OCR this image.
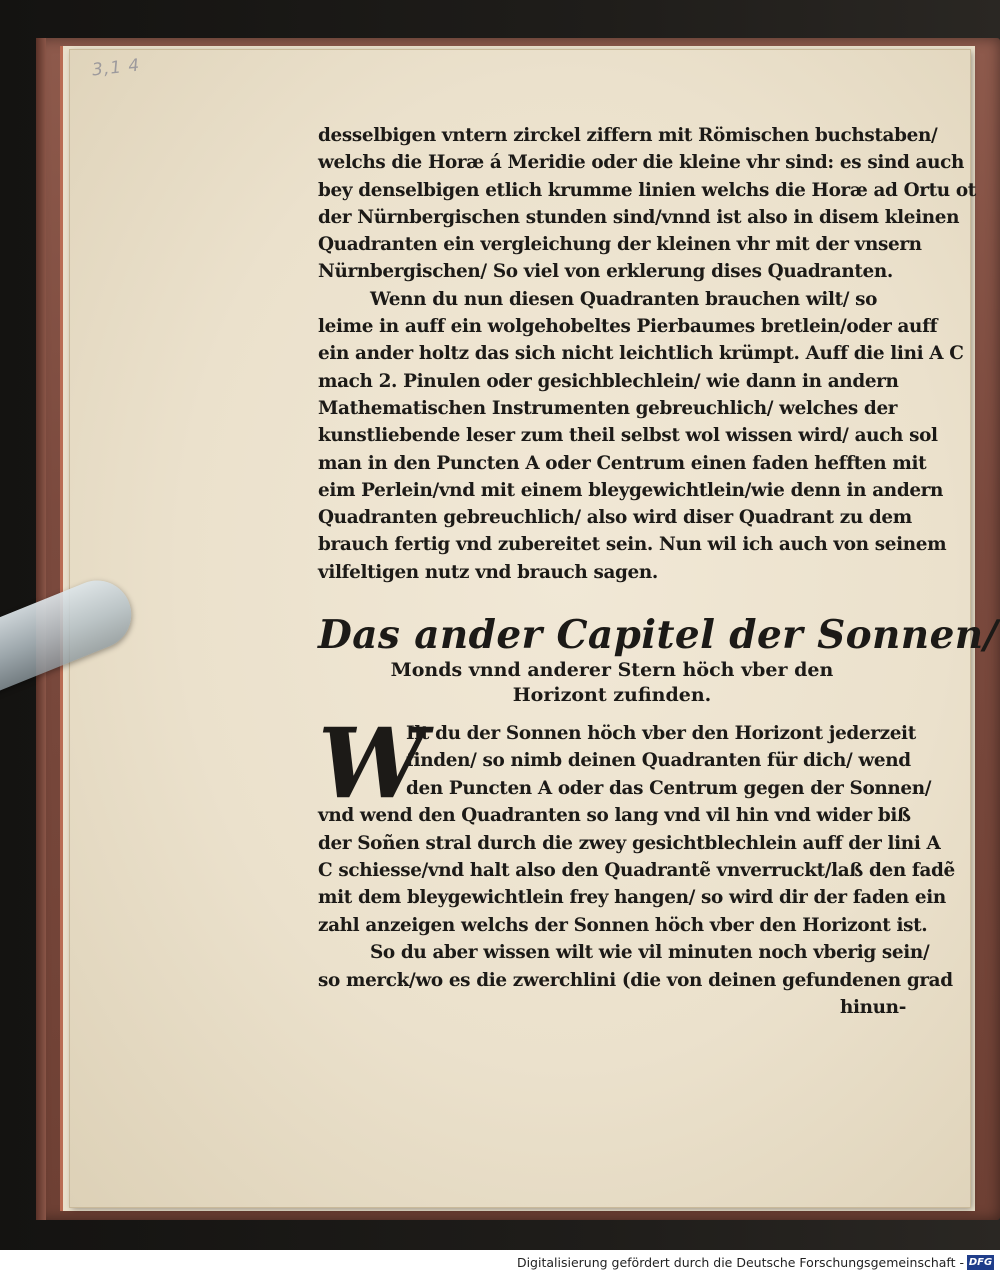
3,1 4
desselbigen vntern zirckel ziffern mit Römischen buchstaben/
welchs die Horæ á Meridie oder die kleine vhr sind: es sind auch
bey denselbigen etlich krumme linien welchs die Horæ ad Ortu ot
der Nürnbergischen stunden sind/vnnd ist also in disem kleinen
Quadranten ein vergleichung der kleinen vhr mit der vnsern
Nürnbergischen/ So viel von erklerung dises Quadranten.
Wenn du nun diesen Quadranten brauchen wilt/ so
leime in auff ein wolgehobeltes Pierbaumes bretlein/oder auff
ein ander holtz das sich nicht leichtlich krümpt. Auff die lini A C
mach 2. Pinulen oder gesichblechlein/ wie dann in andern
Mathematischen Instrumenten gebreuchlich/ welches der
kunstliebende leser zum theil selbst wol wissen wird/ auch sol
man in den Puncten A oder Centrum einen faden hefften mit
eim Perlein/vnd mit einem bleygewichtlein/wie denn in andern
Quadranten gebreuchlich/ also wird diser Quadrant zu dem
brauch fertig vnd zubereitet sein. Nun wil ich auch von seinem
vilfeltigen nutz vnd brauch sagen.
Das ander Capitel der Sonnen/
Monds vnnd anderer Stern höch vber den
Horizont zufinden.
W
Ilt du der Sonnen höch vber den Horizont jederzeit
finden/ so nimb deinen Quadranten für dich/ wend
den Puncten A oder das Centrum gegen der Sonnen/
vnd wend den Quadranten so lang vnd vil hin vnd wider biß
der Soñen stral durch die zwey gesichtblechlein auff der lini A
C schiesse/vnd halt also den Quadrantẽ vnverruckt/laß den fadẽ
mit dem bleygewichtlein frey hangen/ so wird dir der faden ein
zahl anzeigen welchs der Sonnen höch vber den Horizont ist.
So du aber wissen wilt wie vil minuten noch vberig sein/
so merck/wo es die zwerchlini (die von deinen gefundenen grad
hinun-
Digitalisierung gefördert durch die Deutsche Forschungsgemeinschaft - DFG
